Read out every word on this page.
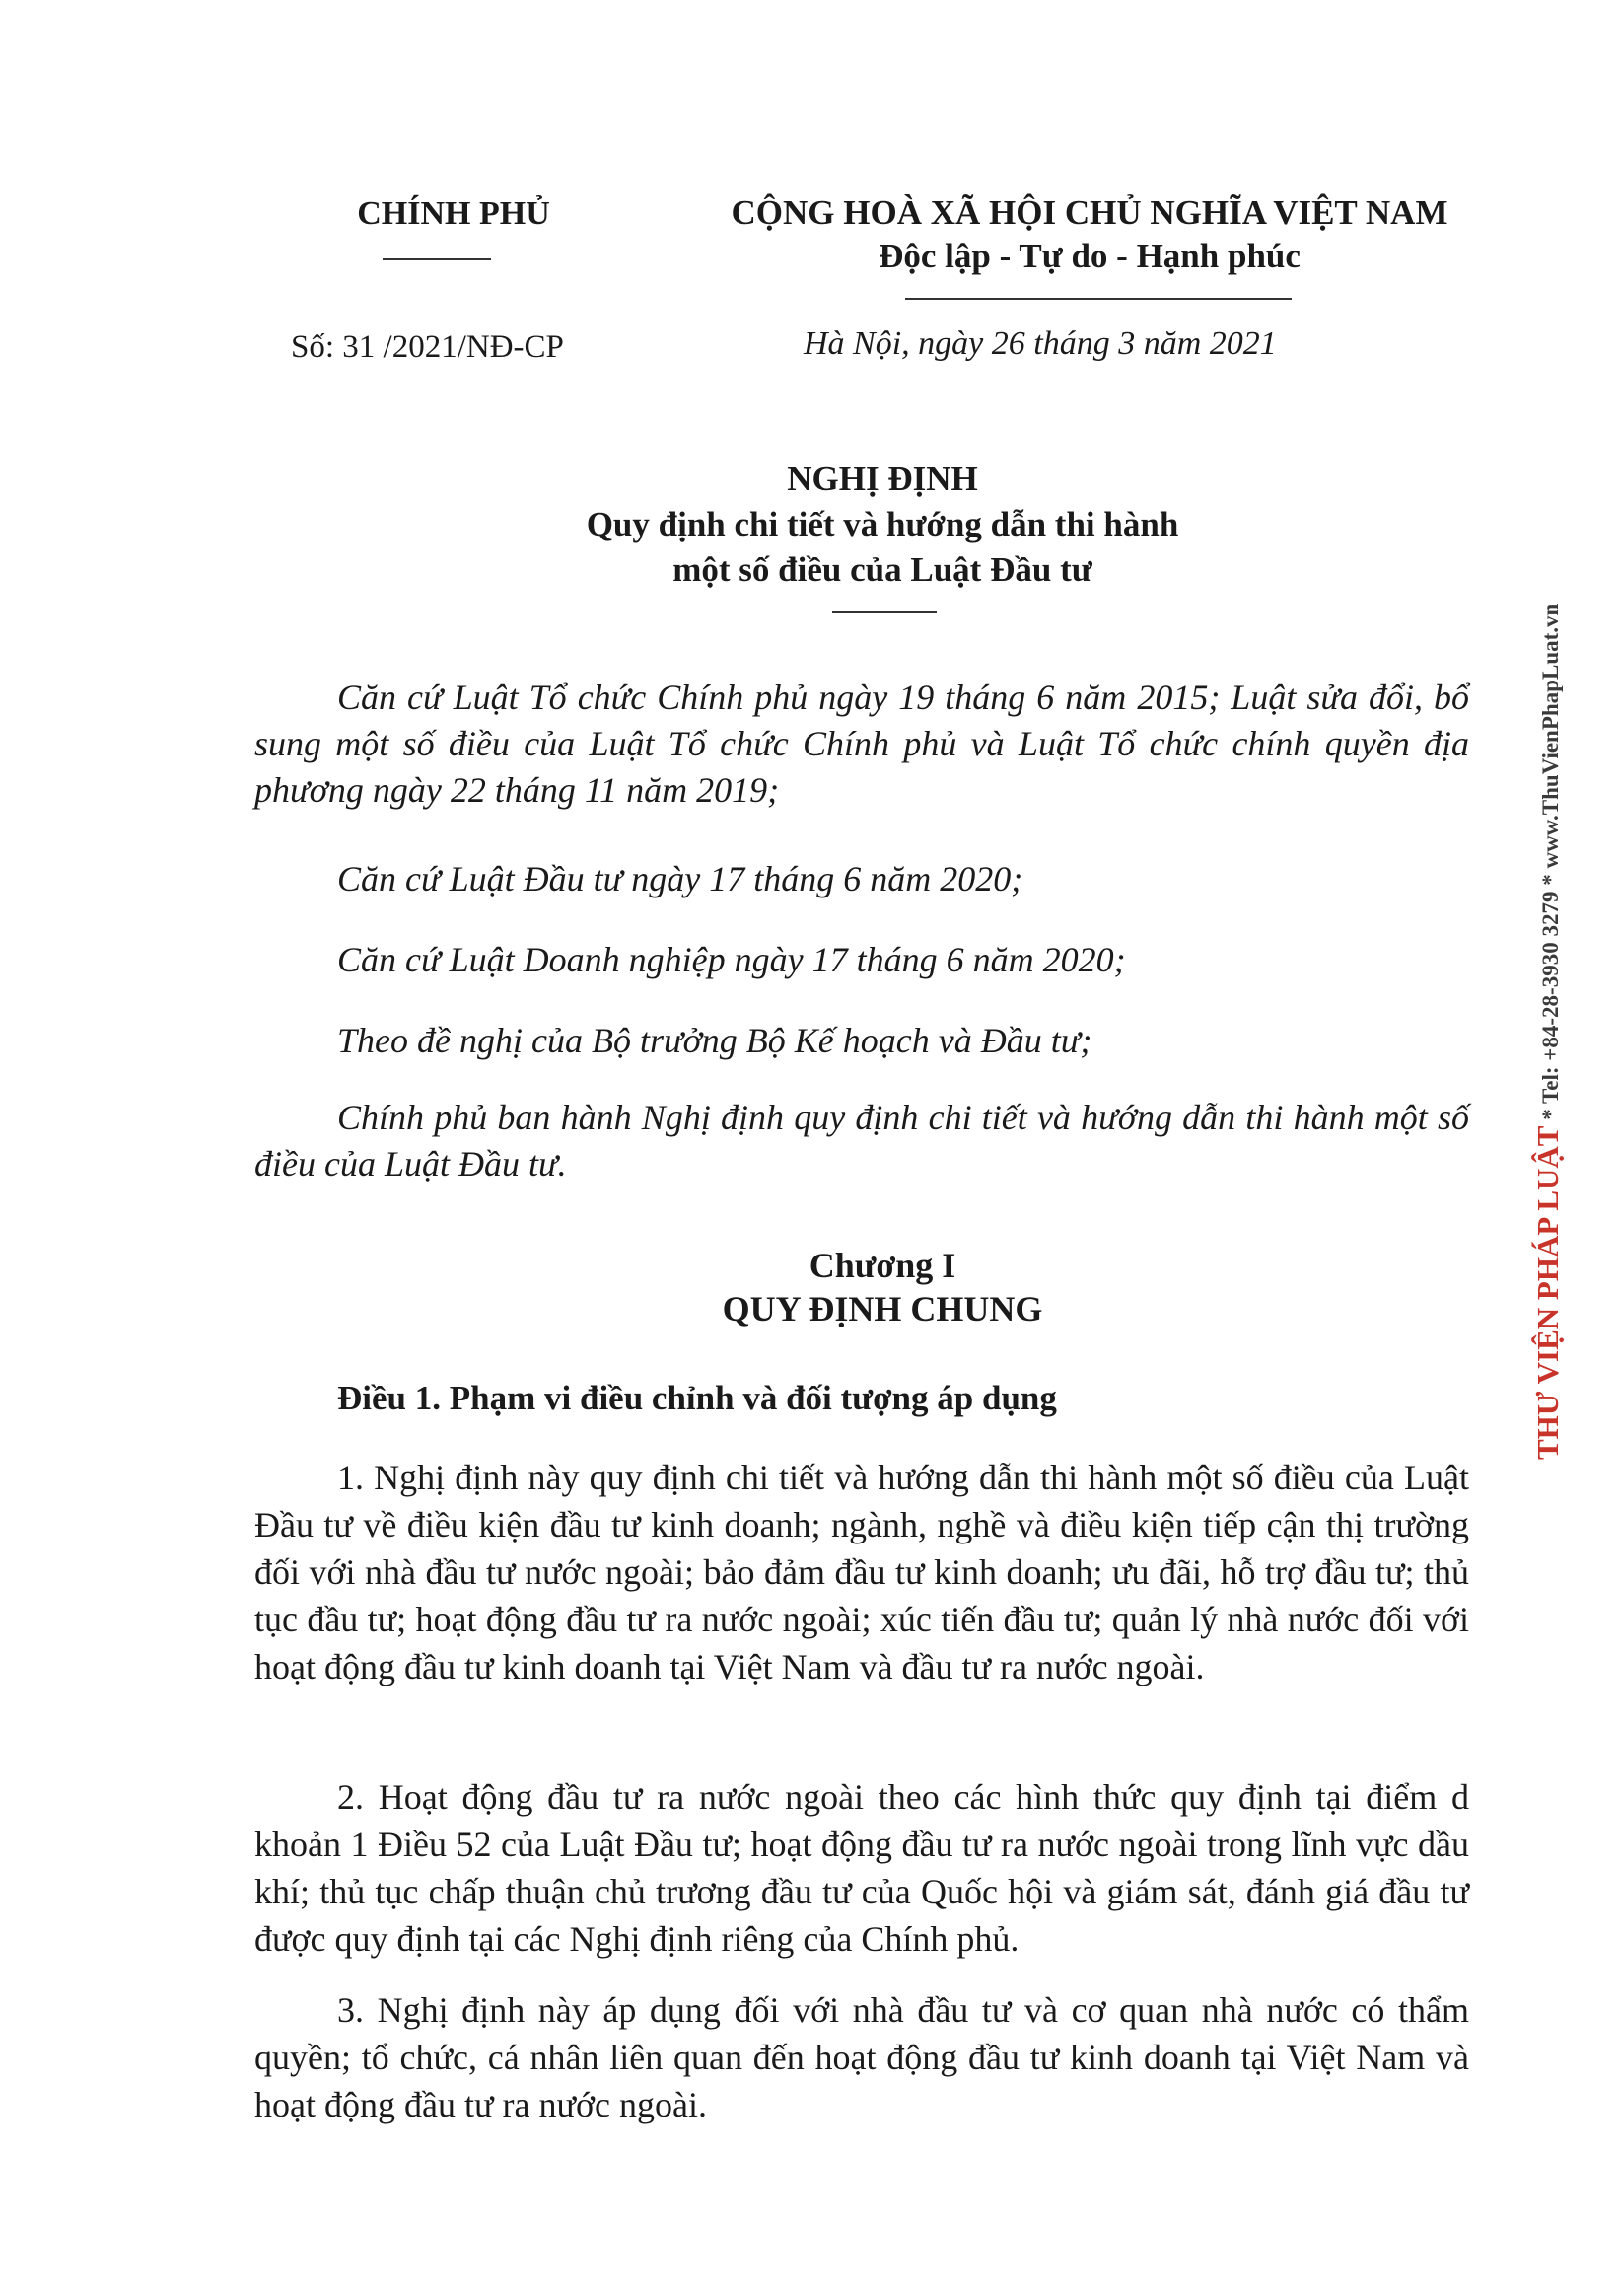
CHÍNH PHỦ	CỘNG HOÀ XÃ HỘI CHỦ NGHĨA VIỆT NAM
Độc lập - Tự do - Hạnh phúc
Số: 31 /2021/NĐ-CP	Hà Nội, ngày 26 tháng 3 năm 2021
NGHỊ ĐỊNH
Quy định chi tiết và hướng dẫn thi hành
một số điều của Luật Đầu tư

Căn cứ Luật Tổ chức Chính phủ ngày 19 tháng 6 năm 2015; Luật sửa đổi, bổ sung một số điều của Luật Tổ chức Chính phủ và Luật Tổ chức chính quyền địa phương ngày 22 tháng 11 năm 2019;

Căn cứ Luật Đầu tư ngày 17 tháng 6 năm 2020;

Căn cứ Luật Doanh nghiệp ngày 17 tháng 6 năm 2020;

Theo đề nghị của Bộ trưởng Bộ Kế hoạch và Đầu tư;

Chính phủ ban hành Nghị định quy định chi tiết và hướng dẫn thi hành một số điều của Luật Đầu tư.

Chương I
QUY ĐỊNH CHUNG
Điều 1. Phạm vi điều chỉnh và đối tượng áp dụng

1. Nghị định này quy định chi tiết và hướng dẫn thi hành một số điều của Luật Đầu tư về điều kiện đầu tư kinh doanh; ngành, nghề và điều kiện tiếp cận thị trường đối với nhà đầu tư nước ngoài; bảo đảm đầu tư kinh doanh; ưu đãi, hỗ trợ đầu tư; thủ tục đầu tư; hoạt động đầu tư ra nước ngoài; xúc tiến đầu tư; quản lý nhà nước đối với hoạt động đầu tư kinh doanh tại Việt Nam và đầu tư ra nước ngoài.

2. Hoạt động đầu tư ra nước ngoài theo các hình thức quy định tại điểm d khoản 1 Điều 52 của Luật Đầu tư; hoạt động đầu tư ra nước ngoài trong lĩnh vực dầu khí; thủ tục chấp thuận chủ trương đầu tư của Quốc hội và giám sát, đánh giá đầu tư được quy định tại các Nghị định riêng của Chính phủ.

3. Nghị định này áp dụng đối với nhà đầu tư và cơ quan nhà nước có thẩm quyền; tổ chức, cá nhân liên quan đến hoạt động đầu tư kinh doanh tại Việt Nam và hoạt động đầu tư ra nước ngoài.

THƯ VIỆN PHÁP LUẬT * Tel: +84-28-3930 3279 * www.ThuVienPhapLuat.vn
